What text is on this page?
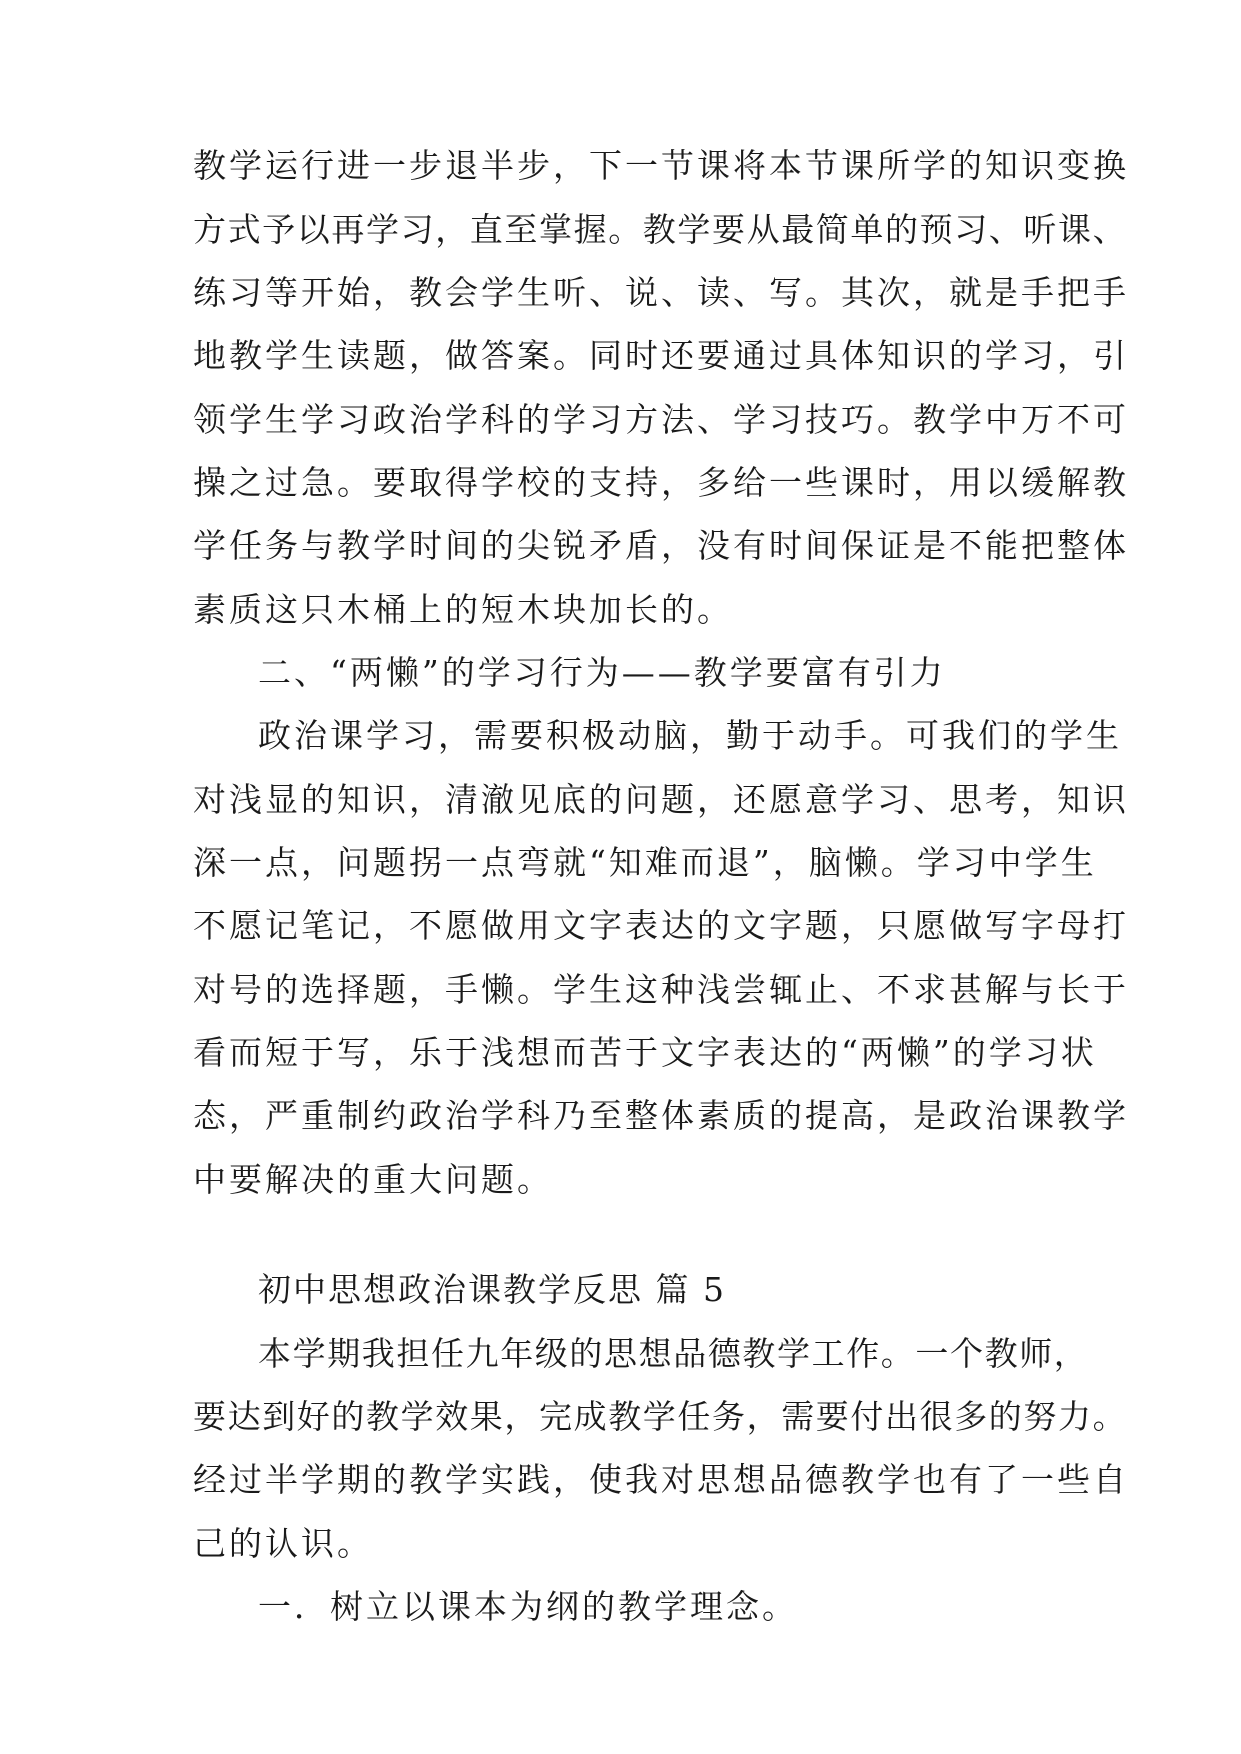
教学运行进一步退半步，下一节课将本节课所学的知识变换
方式予以再学习，直至掌握。教学要从最简单的预习、听课、
练习等开始，教会学生听、说、读、写。其次，就是手把手
地教学生读题，做答案。同时还要通过具体知识的学习，引
领学生学习政治学科的学习方法、学习技巧。教学中万不可
操之过急。要取得学校的支持，多给一些课时，用以缓解教
学任务与教学时间的尖锐矛盾，没有时间保证是不能把整体
素质这只木桶上的短木块加长的。
二、“两懒”的学习行为——教学要富有引力
政治课学习，需要积极动脑，勤于动手。可我们的学生
对浅显的知识，清澈见底的问题，还愿意学习、思考，知识
深一点，问题拐一点弯就“知难而退”，脑懒。学习中学生
不愿记笔记，不愿做用文字表达的文字题，只愿做写字母打
对号的选择题，手懒。学生这种浅尝辄止、不求甚解与长于
看而短于写，乐于浅想而苦于文字表达的“两懒”的学习状
态，严重制约政治学科乃至整体素质的提高，是政治课教学
中要解决的重大问题。
初中思想政治课教学反思 篇 5
本学期我担任九年级的思想品德教学工作。一个教师，
要达到好的教学效果，完成教学任务，需要付出很多的努力。
经过半学期的教学实践，使我对思想品德教学也有了一些自
己的认识。
一．树立以课本为纲的教学理念。
